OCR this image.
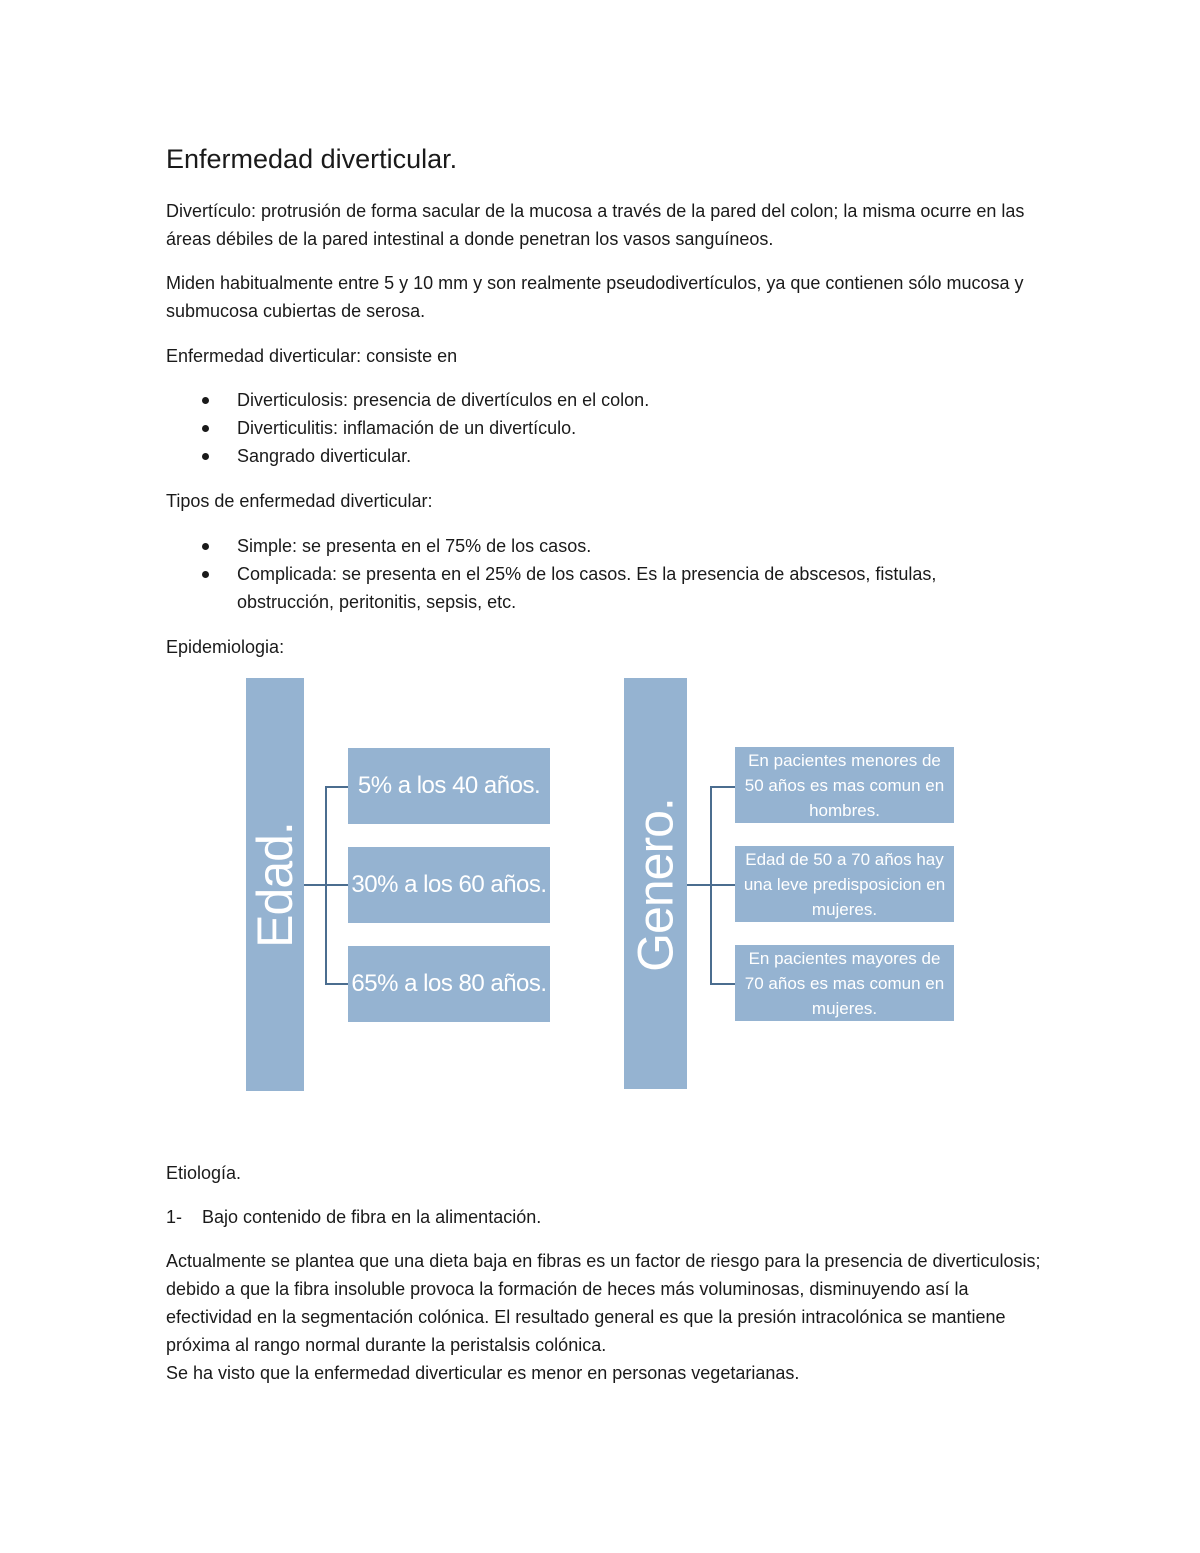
Enfermedad diverticular.

Divertículo: protrusión de forma sacular de la mucosa a través de la pared del colon; la misma ocurre en las áreas débiles de la pared intestinal a donde penetran los vasos sanguíneos.

Miden habitualmente entre 5 y 10 mm y son realmente pseudodivertículos, ya que contienen sólo mucosa y submucosa cubiertas de serosa.

Enfermedad diverticular: consiste en

Diverticulosis: presencia de divertículos en el colon.
Diverticulitis: inflamación de un divertículo.
Sangrado diverticular.

Tipos de enfermedad diverticular:

Simple: se presenta en el 75% de los casos.
Complicada: se presenta en el 25% de los casos. Es la presencia de abscesos, fistulas, obstrucción, peritonitis, sepsis, etc.

Epidemiologia:

Edad.
5% a los 40 años.
30% a los 60 años.
65% a los 80 años.
Genero.
En pacientes menores de 50 años es mas comun en hombres.
Edad de 50 a 70 años hay una leve predisposicion en mujeres.
En pacientes mayores de 70 años es mas comun en mujeres.

Etiología.

1- Bajo contenido de fibra en la alimentación.

Actualmente se plantea que una dieta baja en fibras es un factor de riesgo para la presencia de diverticulosis; debido a que la fibra insoluble provoca la formación de heces más voluminosas, disminuyendo así la efectividad en la segmentación colónica. El resultado general es que la presión intracolónica se mantiene próxima al rango normal durante la peristalsis colónica.

Se ha visto que la enfermedad diverticular es menor en personas vegetarianas.
